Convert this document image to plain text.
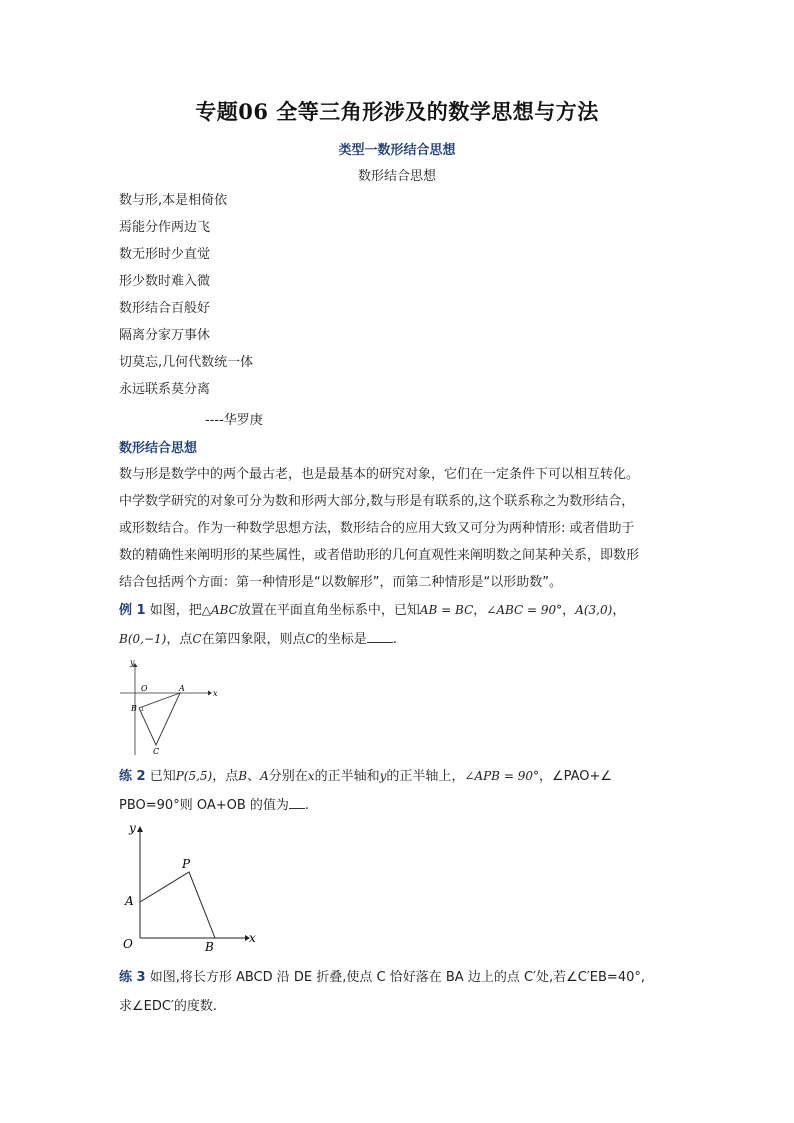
专题06 全等三角形涉及的数学思想与方法
类型一数形结合思想
数形结合思想
数与形,本是相倚依
焉能分作两边飞
数无形时少直觉
形少数时难入微
数形结合百般好
隔离分家万事休
切莫忘,几何代数统一体
永远联系莫分离
----华罗庚
数形结合思想
数与形是数学中的两个最古老，也是最基本的研究对象，它们在一定条件下可以相互转化。
中学数学研究的对象可分为数和形两大部分,数与形是有联系的,这个联系称之为数形结合，
或形数结合。作为一种数学思想方法，数形结合的应用大致又可分为两种情形: 或者借助于
数的精确性来阐明形的某些属性，或者借助形的几何直观性来阐明数之间某种关系，即数形
结合包括两个方面：第一种情形是“以数解形”，而第二种情形是“以形助数”。
例 1 如图，把△ABC放置在平面直角坐标系中，已知AB = BC，∠ABC = 90°，A(3,0)，
B(0,−1)，点C在第四象限，则点C的坐标是 .
y
x
O	A
B
C
练 2 已知P(5,5)，点B、A分别在x的正半轴和y的正半轴上，∠APB = 90°，∠PAO+∠
PBO=90°则 OA+OB 的值为 .
y
x
O
A
P
B
练 3 如图,将长方形 ABCD 沿 DE 折叠,使点 C 恰好落在 BA 边上的点 C′处,若∠C′EB=40°,
求∠EDC′的度数.
